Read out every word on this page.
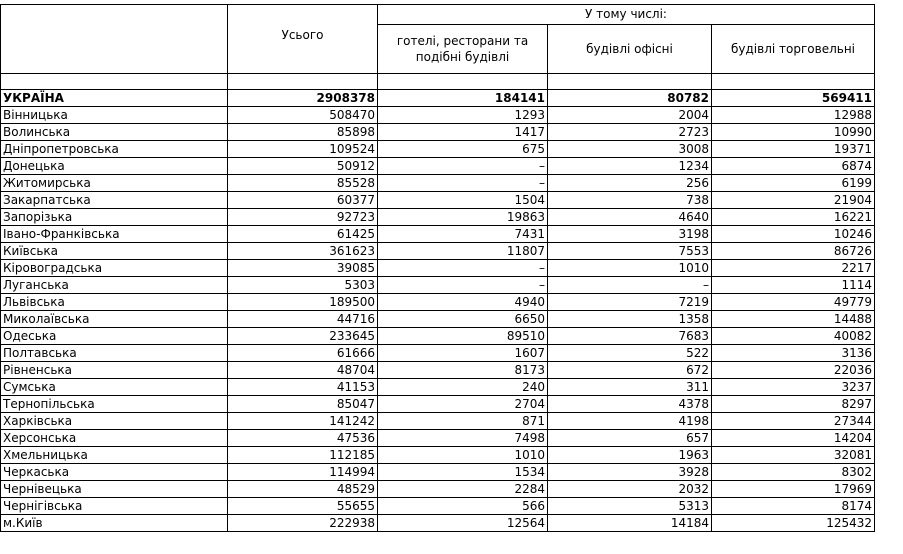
	Усього	У тому числі:		
		готелі, ресторани та подібні будівлі	будівлі офісні	будівлі торговельні

УКРАЇНА	2908378	184141	80782	569411
Вінницька	508470	1293	2004	12988
Волинська	85898	1417	2723	10990
Дніпропетровська	109524	675	3008	19371
Донецька	50912	–	1234	6874
Житомирська	85528	–	256	6199
Закарпатська	60377	1504	738	21904
Запорізька	92723	19863	4640	16221
Івано-Франківська	61425	7431	3198	10246
Київська	361623	11807	7553	86726
Кіровоградська	39085	–	1010	2217
Луганська	5303	–	–	1114
Львівська	189500	4940	7219	49779
Миколаївська	44716	6650	1358	14488
Одеська	233645	89510	7683	40082
Полтавська	61666	1607	522	3136
Рівненська	48704	8173	672	22036
Сумська	41153	240	311	3237
Тернопільська	85047	2704	4378	8297
Харківська	141242	871	4198	27344
Херсонська	47536	7498	657	14204
Хмельницька	112185	1010	1963	32081
Черкаська	114994	1534	3928	8302
Чернівецька	48529	2284	2032	17969
Чернігівська	55655	566	5313	8174
м.Київ	222938	12564	14184	125432
